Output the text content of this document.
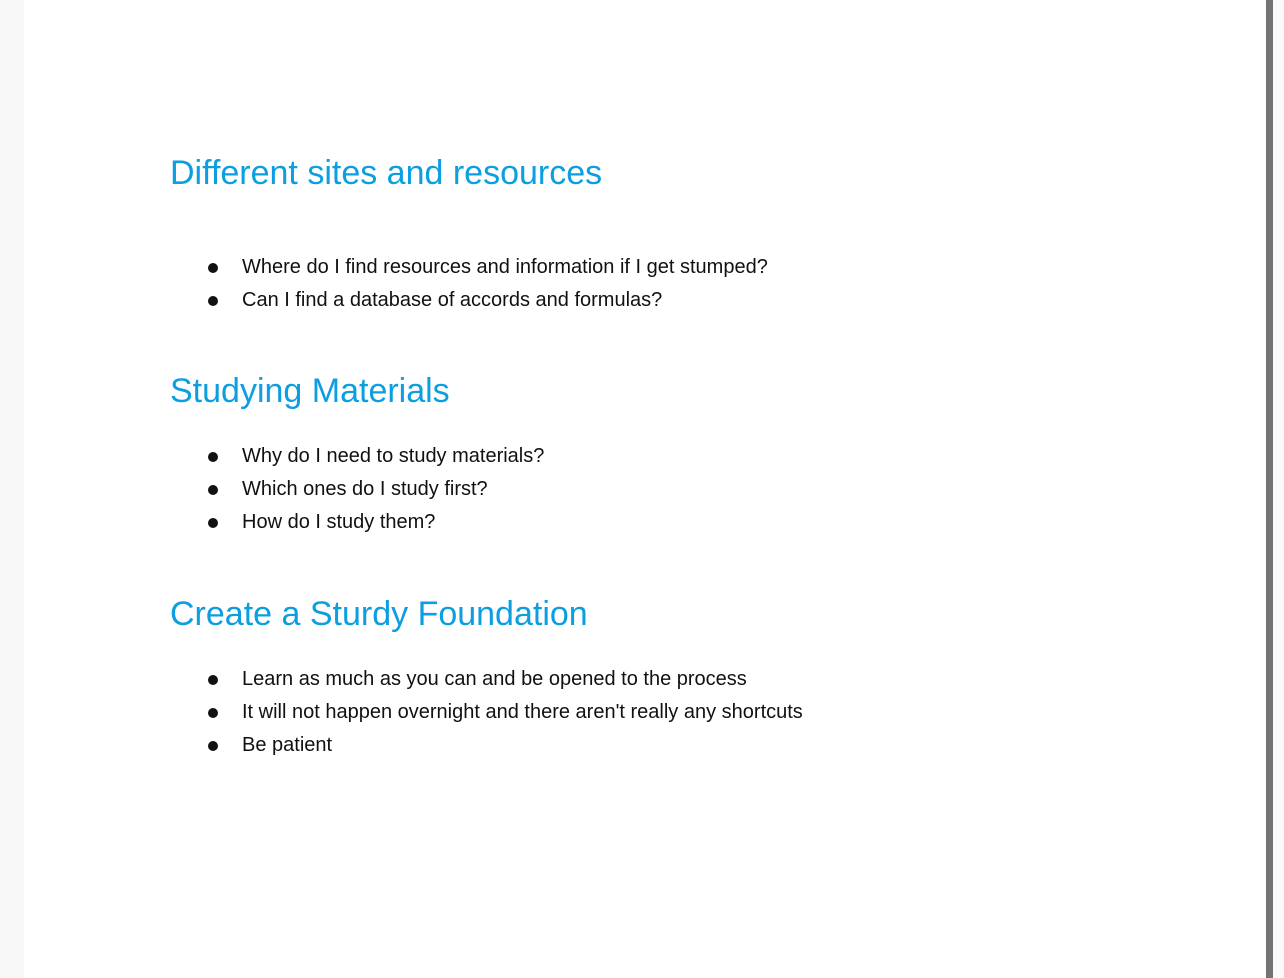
Different sites and resources
Where do I find resources and information if I get stumped?
Can I find a database of accords and formulas?
Studying Materials
Why do I need to study materials?
Which ones do I study first?
How do I study them?
Create a Sturdy Foundation
Learn as much as you can and be opened to the process
It will not happen overnight and there aren't really any shortcuts
Be patient
